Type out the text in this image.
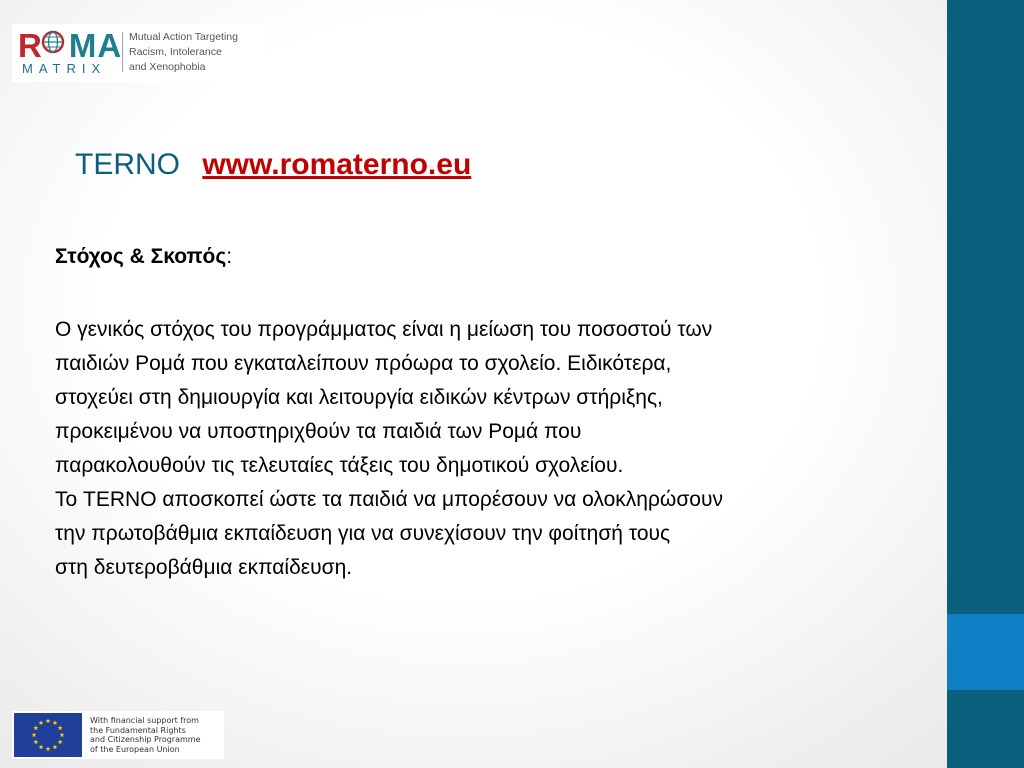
R MA
MATRIX
Mutual Action Targeting
Racism, Intolerance
and Xenophobia
TERNO www.romaterno.eu
Στόχος & Σκοπός:
Ο γενικός στόχος του προγράμματος είναι η μείωση του ποσοστού των
παιδιών Ρομά που εγκαταλείπουν πρόωρα το σχολείο. Ειδικότερα,
στοχεύει στη δημιουργία και λειτουργία ειδικών κέντρων στήριξης,
προκειμένου να υποστηριχθούν τα παιδιά των Ρομά που
παρακολουθούν τις τελευταίες τάξεις του δημοτικού σχολείου.
Το TERNO αποσκοπεί ώστε τα παιδιά να μπορέσουν να ολοκληρώσουν
την πρωτοβάθμια εκπαίδευση για να συνεχίσουν την φοίτησή τους
στη δευτεροβάθμια εκπαίδευση.
With financial support from
the Fundamental Rights
and Citizenship Programme
of the European Union
